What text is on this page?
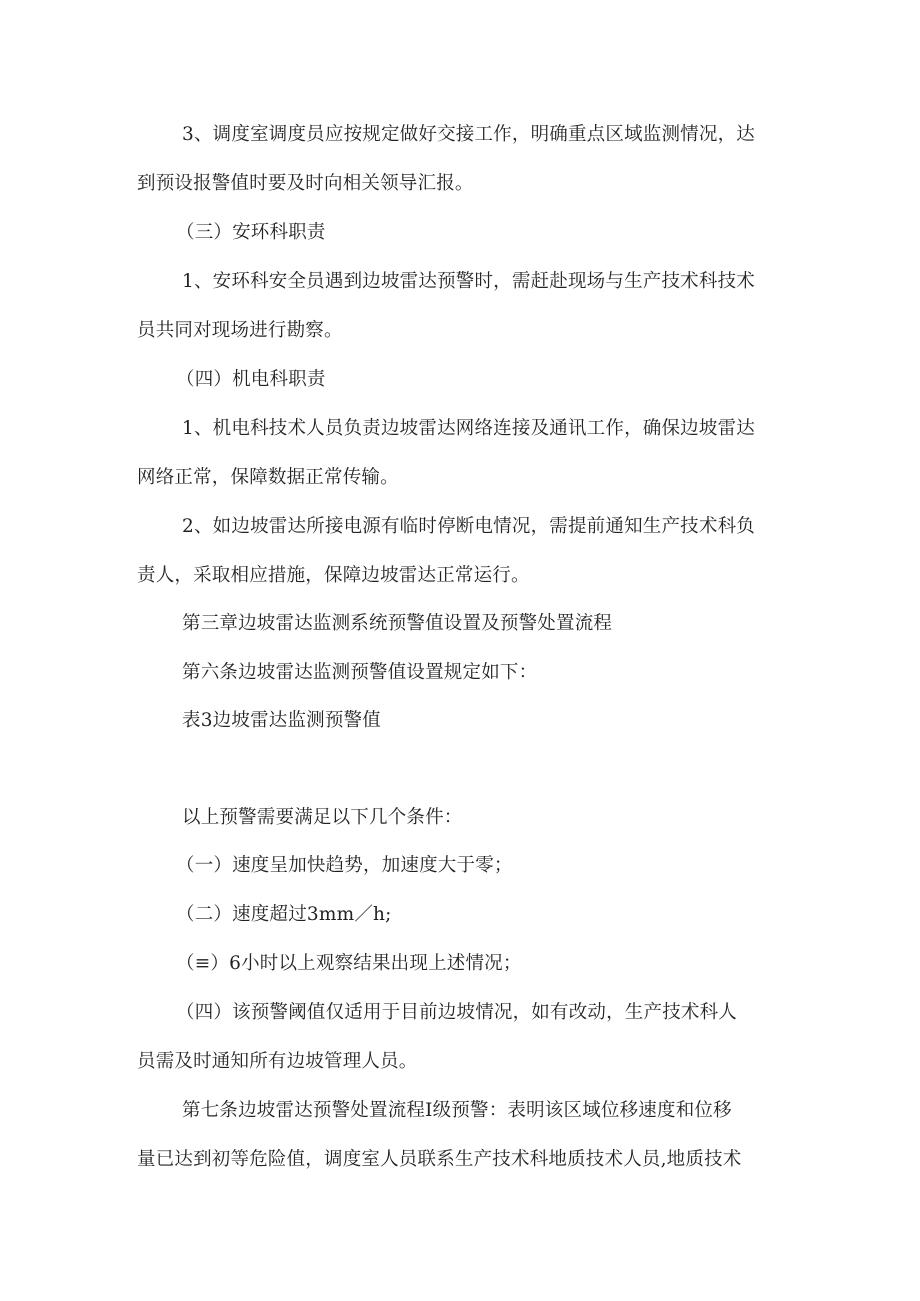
3、调度室调度员应按规定做好交接工作，明确重点区域监测情况，达
到预设报警值时要及时向相关领导汇报。
（三）安环科职责
1、安环科安全员遇到边坡雷达预警时，需赶赴现场与生产技术科技术
员共同对现场进行勘察。
（四）机电科职责
1、机电科技术人员负责边坡雷达网络连接及通讯工作，确保边坡雷达
网络正常，保障数据正常传输。
2、如边坡雷达所接电源有临时停断电情况，需提前通知生产技术科负
责人，采取相应措施，保障边坡雷达正常运行。
第三章边坡雷达监测系统预警值设置及预警处置流程
第六条边坡雷达监测预警值设置规定如下：
表3边坡雷达监测预警值
以上预警需要满足以下几个条件：
（一）速度呈加快趋势，加速度大于零；
（二）速度超过3mm／h;
（≡）6小时以上观察结果出现上述情况；
（四）该预警阈值仅适用于目前边坡情况，如有改动，生产技术科人
员需及时通知所有边坡管理人员。
第七条边坡雷达预警处置流程I级预警：表明该区域位移速度和位移
量已达到初等危险值，调度室人员联系生产技术科地质技术人员,地质技术
